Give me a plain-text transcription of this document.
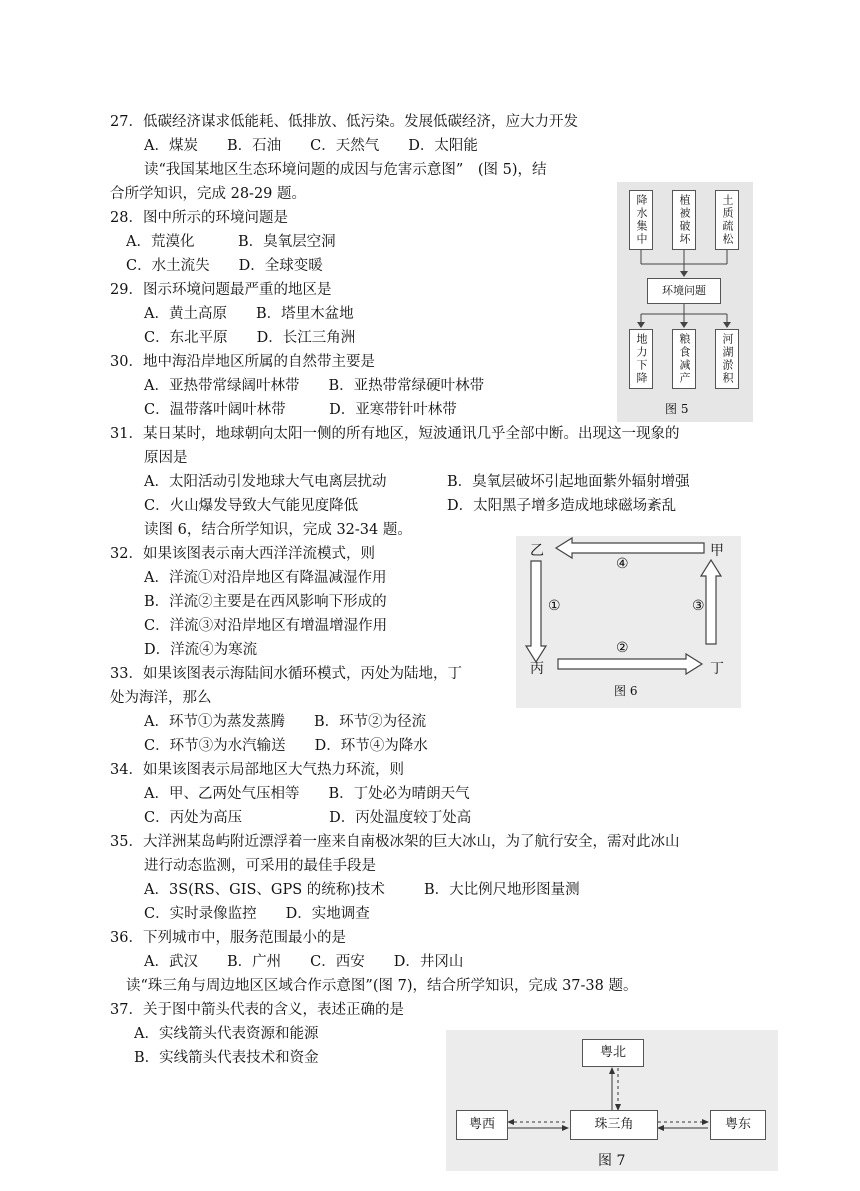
27．低碳经济谋求低能耗、低排放、低污染。发展低碳经济，应大力开发
A．煤炭　　B．石油　　C．天然气　　D．太阳能
读“我国某地区生态环境问题的成因与危害示意图”　(图 5)，结
合所学知识，完成 28-29 题。
28．图中所示的环境问题是
A．荒漠化　　　B．臭氧层空洞
C．水土流失　　D．全球变暖
29．图示环境问题最严重的地区是
A．黄土高原　　B．塔里木盆地
C．东北平原　　D．长江三角洲
30．地中海沿岸地区所属的自然带主要是
A．亚热带常绿阔叶林带　　B．亚热带常绿硬叶林带
C．温带落叶阔叶林带　　　D．亚寒带针叶林带
31．某日某时，地球朝向太阳一侧的所有地区，短波通讯几乎全部中断。出现这一现象的
原因是
A．太阳活动引发地球大气电离层扰动	B．臭氧层破坏引起地面紫外辐射增强
C．火山爆发导致大气能见度降低	D．太阳黑子增多造成地球磁场紊乱
读图 6，结合所学知识，完成 32-34 题。
32．如果该图表示南大西洋洋流模式，则
A．洋流①对沿岸地区有降温减湿作用
B．洋流②主要是在西风影响下形成的
C．洋流③对沿岸地区有增温增湿作用
D．洋流④为寒流
33．如果该图表示海陆间水循环模式，丙处为陆地，丁
处为海洋，那么
A．环节①为蒸发蒸腾　　B．环节②为径流
C．环节③为水汽输送　　D．环节④为降水
34．如果该图表示局部地区大气热力环流，则
A．甲、乙两处气压相等　　B．丁处必为晴朗天气
C．丙处为高压　　　　　　D．丙处温度较丁处高
35．大洋洲某岛屿附近漂浮着一座来自南极冰架的巨大冰山，为了航行安全，需对此冰山
进行动态监测，可采用的最佳手段是
A．3S(RS、GIS、GPS 的统称)技术	B．大比例尺地形图量测
C．实时录像监控　　D．实地调查
36．下列城市中，服务范围最小的是
A．武汉　　B．广州　　C．西安　　D．井冈山
读“珠三角与周边地区区域合作示意图”(图 7)，结合所学知识，完成 37-38 题。
37．关于图中箭头代表的含义，表述正确的是
A．实线箭头代表资源和能源
B．实线箭头代表技术和资金
降水集中	植被破坏	土质疏松
环境问题
地力下降	粮食减产	河湖淤积
图 5
甲
乙
丙	丁
④
①	③
②
图 6
粤北
粤西	珠三角	粤东
图 7
